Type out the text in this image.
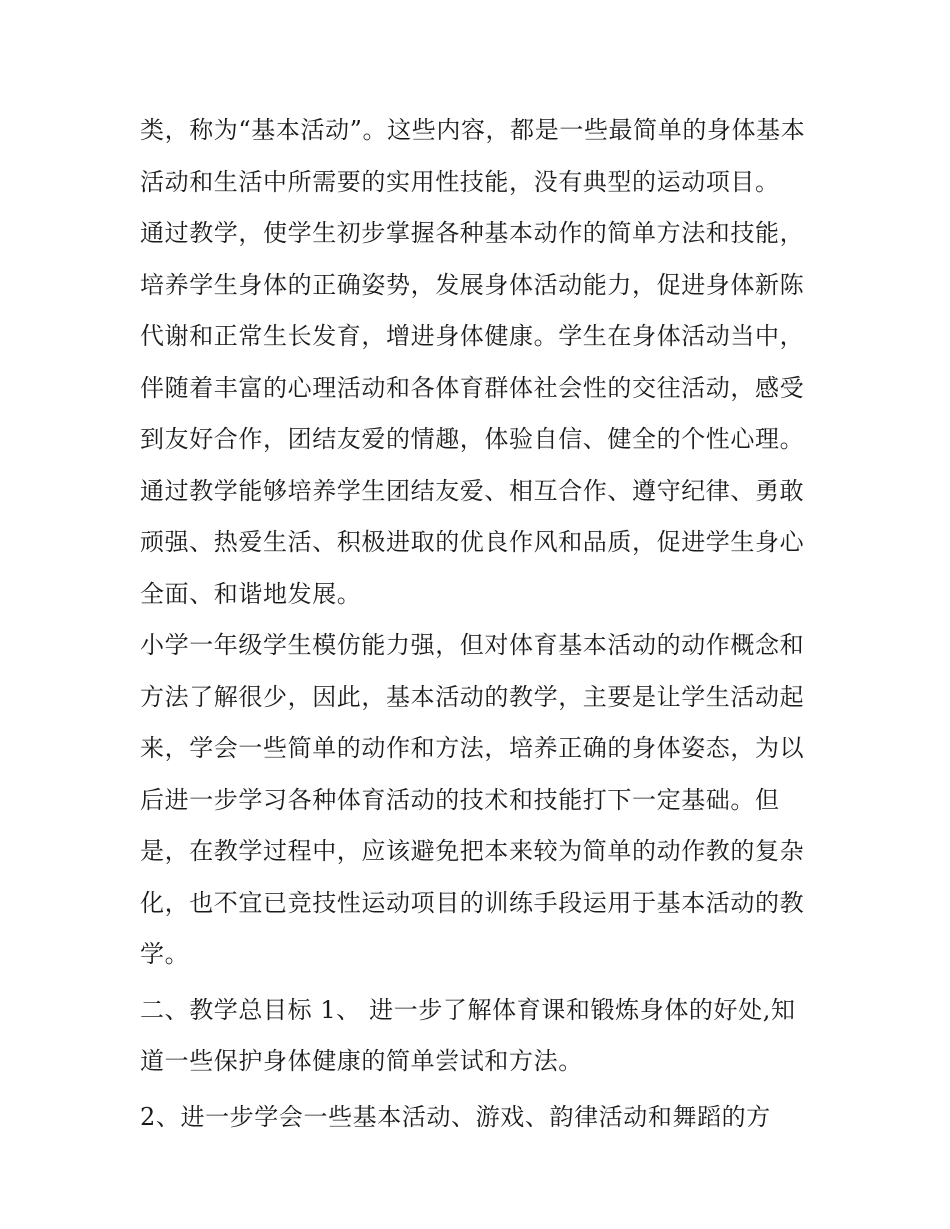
类，称为“基本活动”。这些内容，都是一些最简单的身体基本
活动和生活中所需要的实用性技能，没有典型的运动项目。
通过教学，使学生初步掌握各种基本动作的简单方法和技能，
培养学生身体的正确姿势，发展身体活动能力，促进身体新陈
代谢和正常生长发育，增进身体健康。学生在身体活动当中，
伴随着丰富的心理活动和各体育群体社会性的交往活动，感受
到友好合作，团结友爱的情趣，体验自信、健全的个性心理。
通过教学能够培养学生团结友爱、相互合作、遵守纪律、勇敢
顽强、热爱生活、积极进取的优良作风和品质，促进学生身心
全面、和谐地发展。
小学一年级学生模仿能力强，但对体育基本活动的动作概念和
方法了解很少，因此，基本活动的教学，主要是让学生活动起
来，学会一些简单的动作和方法，培养正确的身体姿态，为以
后进一步学习各种体育活动的技术和技能打下一定基础。但
是，在教学过程中，应该避免把本来较为简单的动作教的复杂
化，也不宜已竞技性运动项目的训练手段运用于基本活动的教
学。
二、教学总目标 1、 进一步了解体育课和锻炼身体的好处,知
道一些保护身体健康的简单尝试和方法。
2、进一步学会一些基本活动、游戏、韵律活动和舞蹈的方
